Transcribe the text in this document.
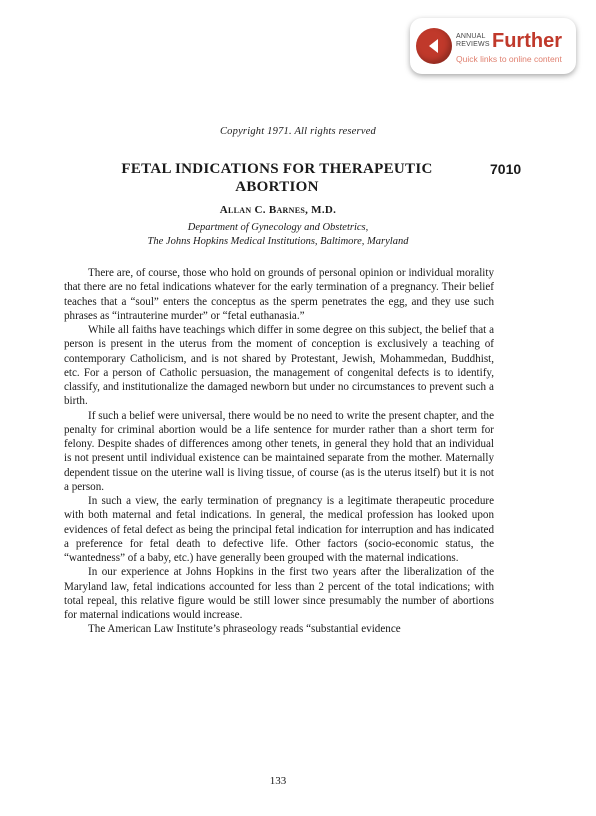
ANNUAL
REVIEWS Further
Quick links to online content
Copyright 1971. All rights reserved
FETAL INDICATIONS FOR THERAPEUTIC
ABORTION
7010
Allan C. Barnes, M.D.
Department of Gynecology and Obstetrics,
The Johns Hopkins Medical Institutions, Baltimore, Maryland

There are, of course, those who hold on grounds of personal opinion or individual morality that there are no fetal indications whatever for the early termination of a pregnancy. Their belief teaches that a “soul” enters the conceptus as the sperm penetrates the egg, and they use such phrases as “intrauterine murder” or “fetal euthanasia.”

While all faiths have teachings which differ in some degree on this subject, the belief that a person is present in the uterus from the moment of conception is exclusively a teaching of contemporary Catholicism, and is not shared by Protestant, Jewish, Mohammedan, Buddhist, etc. For a person of Catholic persuasion, the management of congenital defects is to identify, classify, and institutionalize the damaged newborn but under no circumstances to prevent such a birth.

If such a belief were universal, there would be no need to write the present chapter, and the penalty for criminal abortion would be a life sentence for murder rather than a short term for felony. Despite shades of differences among other tenets, in general they hold that an individual is not present until individual existence can be maintained separate from the mother. Maternally dependent tissue on the uterine wall is living tissue, of course (as is the uterus itself) but it is not a person.

In such a view, the early termination of pregnancy is a legitimate therapeutic procedure with both maternal and fetal indications. In general, the medical profession has looked upon evidences of fetal defect as being the principal fetal indication for interruption and has indicated a preference for fetal death to defective life. Other factors (socio-economic status, the “wantedness” of a baby, etc.) have generally been grouped with the maternal indications.

In our experience at Johns Hopkins in the first two years after the liberalization of the Maryland law, fetal indications accounted for less than 2 percent of the total indications; with total repeal, this relative figure would be still lower since presumably the number of abortions for maternal indications would increase.

The American Law Institute’s phraseology reads “substantial evidence

133
